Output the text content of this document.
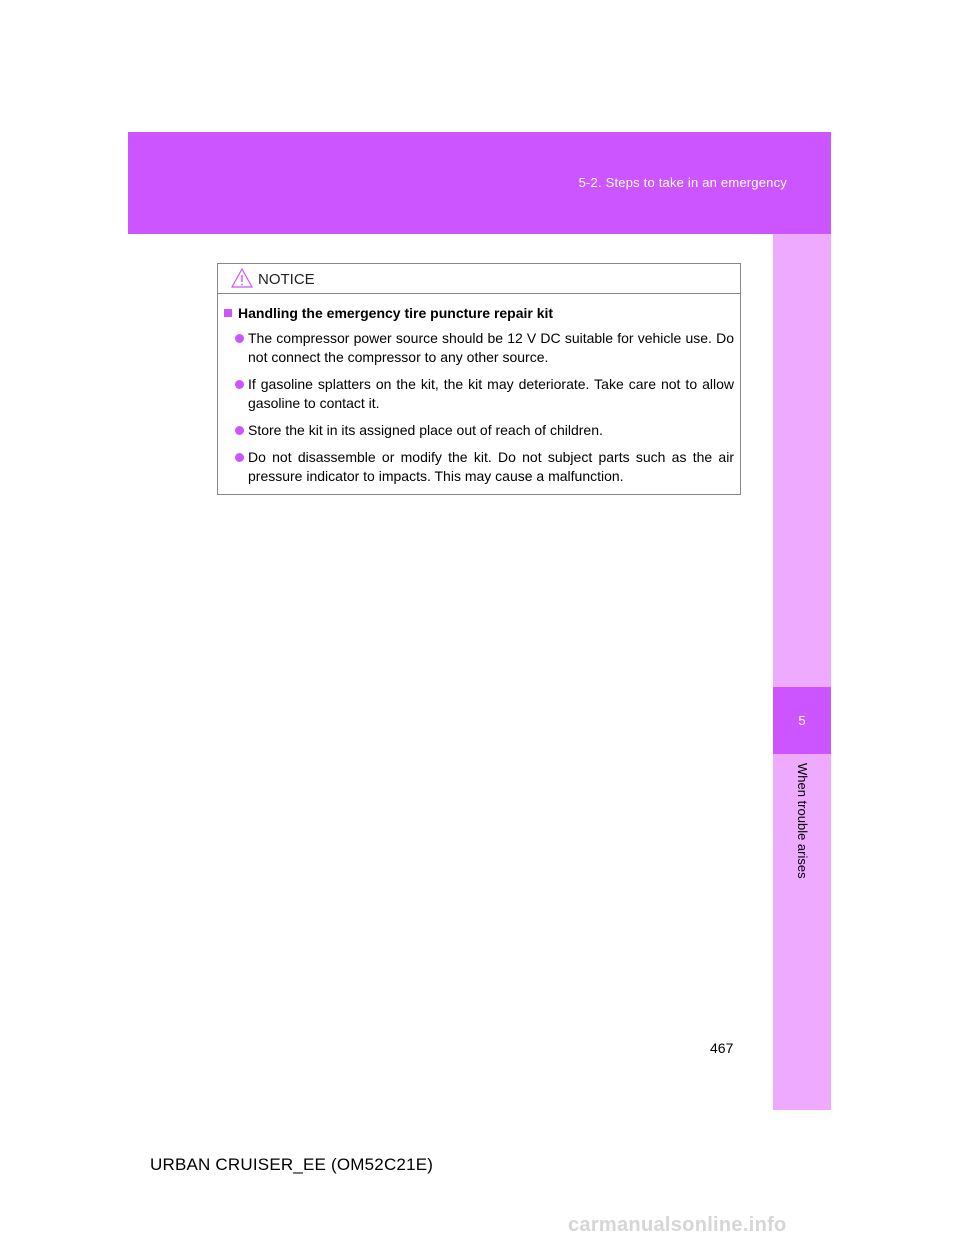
5-2. Steps to take in an emergency
5
When trouble arises
NOTICE
Handling the emergency tire puncture repair kit
The compressor power source should be 12 V DC suitable for vehicle use. Do not connect the compressor to any other source.
If gasoline splatters on the kit, the kit may deteriorate. Take care not to allow gasoline to contact it.
Store the kit in its assigned place out of reach of children.
Do not disassemble or modify the kit. Do not subject parts such as the air pressure indicator to impacts. This may cause a malfunction.
467
URBAN CRUISER_EE (OM52C21E)
carmanualsonline.info
